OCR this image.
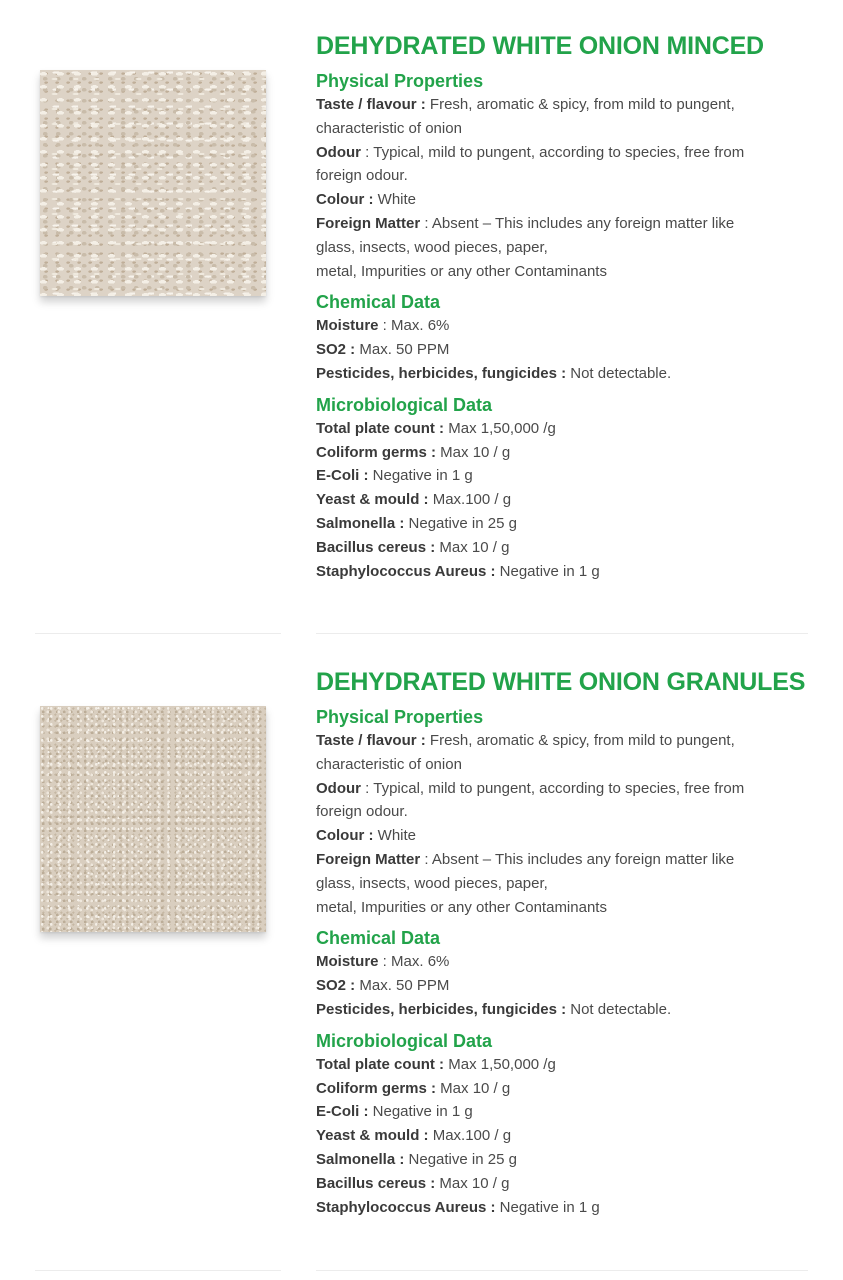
DEHYDRATED WHITE ONION MINCED
Physical Properties

Taste / flavour : Fresh, aromatic & spicy, from mild to pungent,

characteristic of onion

Odour : Typical, mild to pungent, according to species, free from

foreign odour.

Colour : White

Foreign Matter : Absent – This includes any foreign matter like

glass, insects, wood pieces, paper,

metal, Impurities or any other Contaminants

Chemical Data

Moisture : Max. 6%

SO2 : Max. 50 PPM

Pesticides, herbicides, fungicides : Not detectable.

Microbiological Data

Total plate count : Max 1,50,000 /g

Coliform germs : Max 10 / g

E-Coli : Negative in 1 g

Yeast & mould : Max.100 / g

Salmonella : Negative in 25 g

Bacillus cereus : Max 10 / g

Staphylococcus Aureus : Negative in 1 g

DEHYDRATED WHITE ONION GRANULES
Physical Properties

Taste / flavour : Fresh, aromatic & spicy, from mild to pungent,

characteristic of onion

Odour : Typical, mild to pungent, according to species, free from

foreign odour.

Colour : White

Foreign Matter : Absent – This includes any foreign matter like

glass, insects, wood pieces, paper,

metal, Impurities or any other Contaminants

Chemical Data

Moisture : Max. 6%

SO2 : Max. 50 PPM

Pesticides, herbicides, fungicides : Not detectable.

Microbiological Data

Total plate count : Max 1,50,000 /g

Coliform germs : Max 10 / g

E-Coli : Negative in 1 g

Yeast & mould : Max.100 / g

Salmonella : Negative in 25 g

Bacillus cereus : Max 10 / g

Staphylococcus Aureus : Negative in 1 g
